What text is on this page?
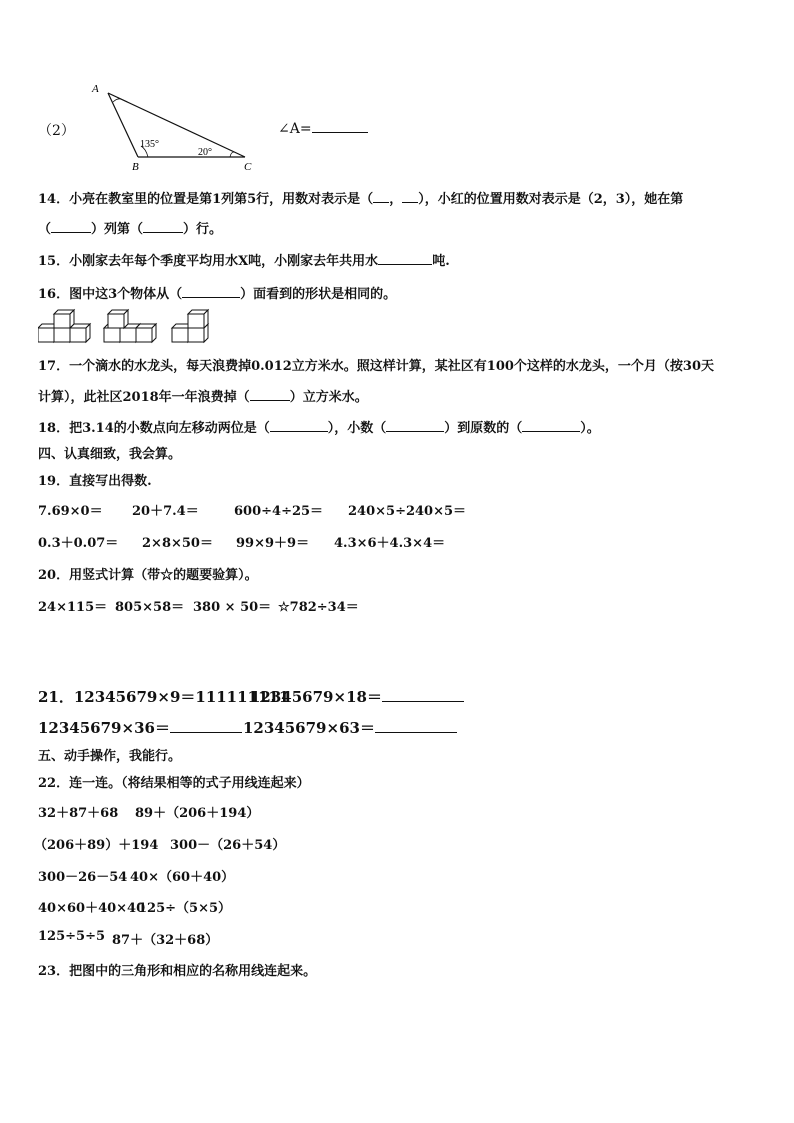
（2）
A
B	C
135°
20°
∠A=
14．小亮在教室里的位置是第1列第5行，用数对表示是（ ， ），小红的位置用数对表示是（2，3），她在第
（	）列第（	）行。
15．小刚家去年每个季度平均用水X吨，小刚家去年共用水	吨.
16．图中这3个物体从（	）面看到的形状是相同的。
17．一个滴水的水龙头，每天浪费掉0.012立方米水。照这样计算，某社区有100个这样的水龙头，一个月（按30天
计算），此社区2018年一年浪费掉（	）立方米水。
18．把3.14的小数点向左移动两位是（	），小数（	）到原数的（	）。
四、认真细致，我会算。
19．直接写出得数.
7.69×0＝ 20＋7.4＝	600÷4÷25＝ 240×5÷240×5＝
0.3＋0.07＝ 2×8×50＝ 99×9＋9＝ 4.3×6＋4.3×4＝
20．用竖式计算（带☆的题要验算）。
24×115＝ 805×58＝ 380 × 50＝ ☆782÷34＝
21．12345679×9＝111111111
12345679×18＝
12345679×36＝	12345679×63＝
五、动手操作，我能行。
22．连一连。（将结果相等的式子用线连起来）
32＋87＋68 89＋（206＋194）
（206＋89）＋194 300－（26＋54）
300－26－54 40×（60＋40）
40×60＋40×40
125÷（5×5）
125÷5÷5 87＋（32＋68）
23．把图中的三角形和相应的名称用线连起来。
